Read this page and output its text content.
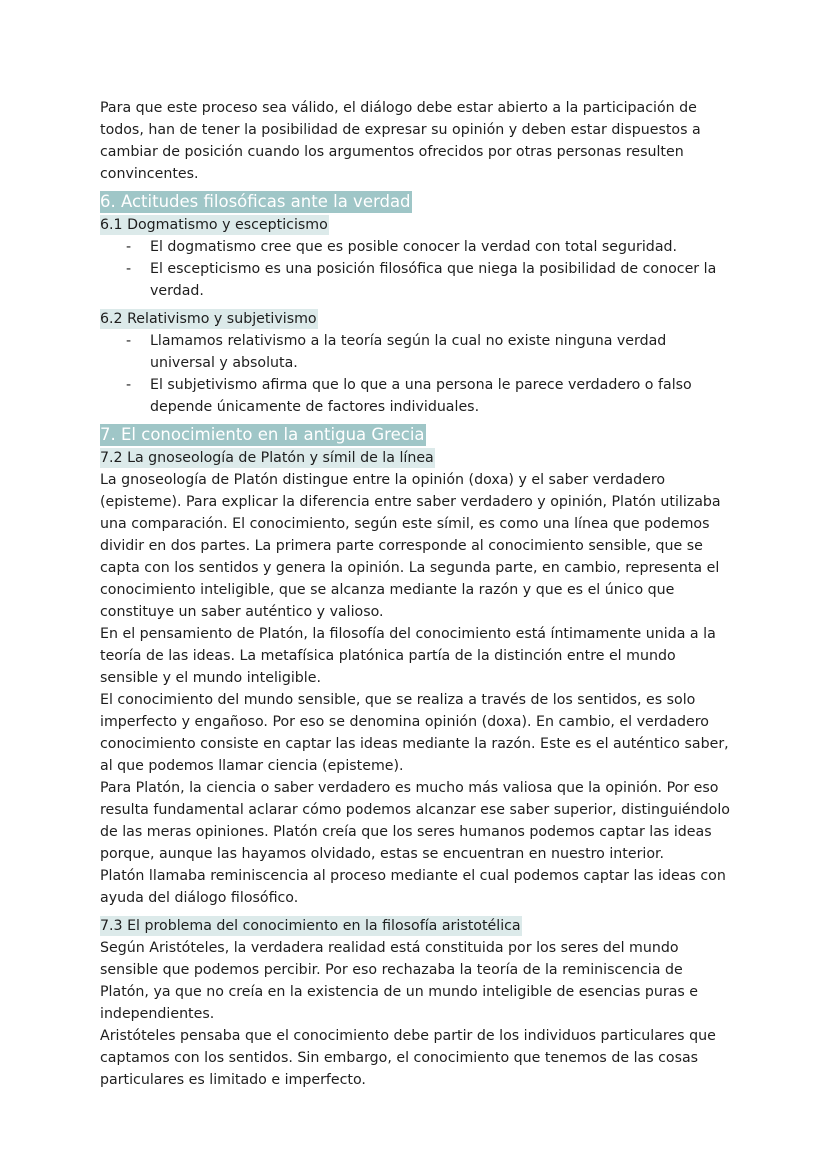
Para que este proceso sea válido, el diálogo debe estar abierto a la participación de todos, han de tener la posibilidad de expresar su opinión y deben estar dispuestos a cambiar de posición cuando los argumentos ofrecidos por otras personas resulten convincentes.

6. Actitudes filosóficas ante la verdad
6.1 Dogmatismo y escepticismo
- El dogmatismo cree que es posible conocer la verdad con total seguridad.
- El escepticismo es una posición filosófica que niega la posibilidad de conocer la verdad.
6.2 Relativismo y subjetivismo
- Llamamos relativismo a la teoría según la cual no existe ninguna verdad universal y absoluta.
- El subjetivismo afirma que lo que a una persona le parece verdadero o falso depende únicamente de factores individuales.
7. El conocimiento en la antigua Grecia
7.2 La gnoseología de Platón y símil de la línea

La gnoseología de Platón distingue entre la opinión (doxa) y el saber verdadero (episteme). Para explicar la diferencia entre saber verdadero y opinión, Platón utilizaba una comparación. El conocimiento, según este símil, es como una línea que podemos dividir en dos partes. La primera parte corresponde al conocimiento sensible, que se capta con los sentidos y genera la opinión. La segunda parte, en cambio, representa el conocimiento inteligible, que se alcanza mediante la razón y que es el único que constituye un saber auténtico y valioso.

En el pensamiento de Platón, la filosofía del conocimiento está íntimamente unida a la teoría de las ideas. La metafísica platónica partía de la distinción entre el mundo sensible y el mundo inteligible.

El conocimiento del mundo sensible, que se realiza a través de los sentidos, es solo imperfecto y engañoso. Por eso se denomina opinión (doxa). En cambio, el verdadero conocimiento consiste en captar las ideas mediante la razón. Este es el auténtico saber, al que podemos llamar ciencia (episteme).

Para Platón, la ciencia o saber verdadero es mucho más valiosa que la opinión. Por eso resulta fundamental aclarar cómo podemos alcanzar ese saber superior, distinguiéndolo de las meras opiniones. Platón creía que los seres humanos podemos captar las ideas porque, aunque las hayamos olvidado, estas se encuentran en nuestro interior.

Platón llamaba reminiscencia al proceso mediante el cual podemos captar las ideas con ayuda del diálogo filosófico.

7.3 El problema del conocimiento en la filosofía aristotélica

Según Aristóteles, la verdadera realidad está constituida por los seres del mundo sensible que podemos percibir. Por eso rechazaba la teoría de la reminiscencia de Platón, ya que no creía en la existencia de un mundo inteligible de esencias puras e independientes.

Aristóteles pensaba que el conocimiento debe partir de los individuos particulares que captamos con los sentidos. Sin embargo, el conocimiento que tenemos de las cosas particulares es limitado e imperfecto.
